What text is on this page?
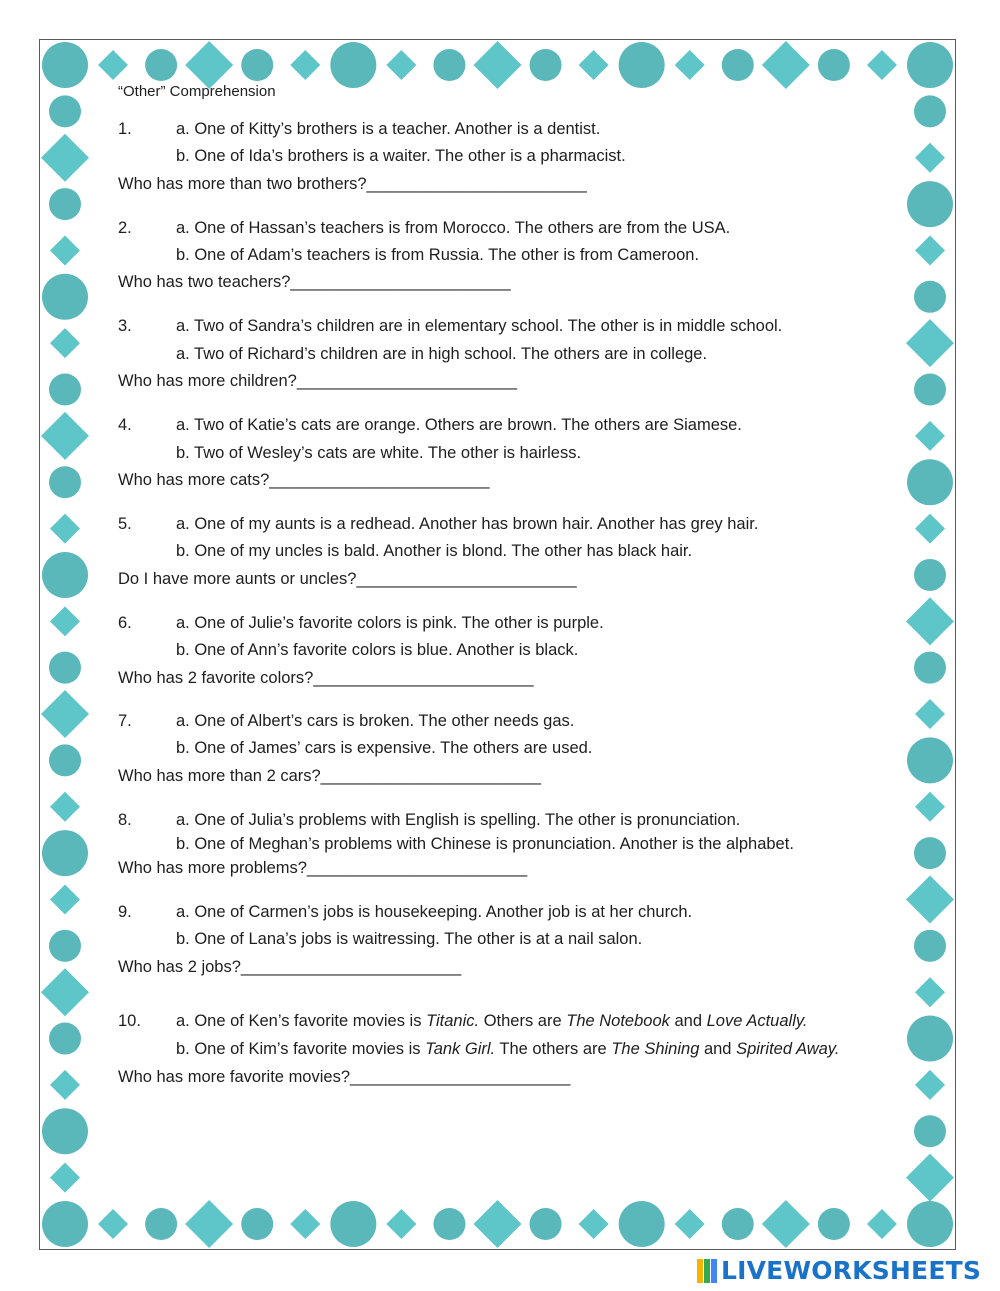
“Other” Comprehension
1.	a. One of Kitty’s brothers is a teacher. Another is a dentist.
b. One of Ida’s brothers is a waiter. The other is a pharmacist.
Who has more than two brothers?________________________
2.	a. One of Hassan’s teachers is from Morocco. The others are from the USA.
b. One of Adam’s teachers is from Russia. The other is from Cameroon.
Who has two teachers?________________________
3.	a. Two of Sandra’s children are in elementary school. The other is in middle school.
a. Two of Richard’s children are in high school. The others are in college.
Who has more children?________________________
4.	a. Two of Katie’s cats are orange. Others are brown. The others are Siamese.
b. Two of Wesley’s cats are white. The other is hairless.
Who has more cats?________________________
5.	a. One of my aunts is a redhead. Another has brown hair. Another has grey hair.
b. One of my uncles is bald. Another is blond. The other has black hair.
Do I have more aunts or uncles?________________________
6.	a. One of Julie’s favorite colors is pink. The other is purple.
b. One of Ann’s favorite colors is blue. Another is black.
Who has 2 favorite colors?________________________
7.	a. One of Albert’s cars is broken. The other needs gas.
b. One of James’ cars is expensive. The others are used.
Who has more than 2 cars?________________________
8.	a. One of Julia’s problems with English is spelling. The other is pronunciation.
b. One of Meghan’s problems with Chinese is pronunciation. Another is the alphabet.
Who has more problems?________________________
9.	a. One of Carmen’s jobs is housekeeping. Another job is at her church.
b. One of Lana’s jobs is waitressing. The other is at a nail salon.
Who has 2 jobs?________________________
10. a. One of Ken’s favorite movies is Titanic. Others are The Notebook and Love Actually.
b. One of Kim’s favorite movies is Tank Girl. The others are The Shining and Spirited Away.
Who has more favorite movies?________________________
LIVEWORKSHEETS
